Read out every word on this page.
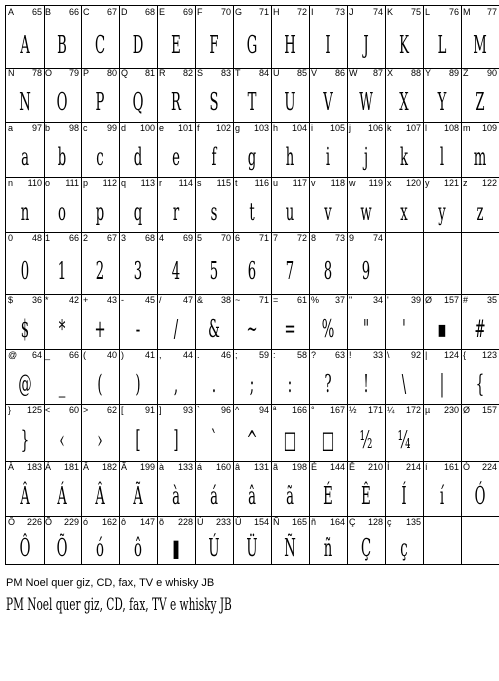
A 65
A
B 66
B
C 67
C
D 68
D
E 69
E
F 70
F
G 71
G
H 72
H
I 73
I
J 74
J
K 75
K
L 76
L
M 77
M
N 78
N
O 79
O
P 80
P
Q 81
Q
R 82
R
S 83
S
T 84
T
U 85
U
V 86
V
W 87
W
X 88
X
Y 89
Y
Z 90
Z
a 97
a
b 98
b
c 99
c
d 100
d
e 101
e
f 102
f
g 103
g
h 104
h
i 105
i
j 106
j
k 107
k
l 108
l
m 109
m
n 110
n
o 111
o
p 112
p
q 113
q
r 114
r
s 115
s
t 116
t
u 117
u
v 118
v
w 119
w
x 120
x
y 121
y
z 122
z
0 48
0
1 66
1
2 67
2
3 68
3
4 69
4
5 70
5
6 71
6
7 72
7
8 73
8
9 74
9
$ 36
$
* 42
*
+ 43
+
- 45
-
/ 47
/
& 38
&
~ 71
~
= 61
=
% 37
%
" 34
"
' 39
'
Ø 157
▪
# 35
#
@ 64
@
_ 66
_
( 40
(
) 41
)
, 44
,
. 46
.
; 59
;
: 58
:
? 63
?
! 33
!
\ 92
\
| 124
|
{ 123
{
} 125
}
< 60
‹
> 62
›
[ 91
[
] 93
]
` 96
`
^ 94
^
ª 166
□
° 167
□
½ 171
½
¼ 172
¼
µ 230 Ø 157
À 183
Â
Á 181
Á
Â 182
Â
Ã 199
Ã
à 133
à
á 160
á
â 131
â
ã 198
ã
É 144
É
Ê 210
Ê
Í 214
Í
í 161
í
Ó 224
Ó
Ô 226
Ô
Õ 229
Õ
ó 162
ó
ô 147
ô
õ 228
▮
Ú 233
Ú
Ü 154
Ü
Ñ 165
Ñ
ñ 164
ñ
Ç 128
Ç
ç 135
ç
PM Noel quer giz, CD, fax, TV e whisky JB
PM Noel quer giz, CD, fax, TV e whisky JB
